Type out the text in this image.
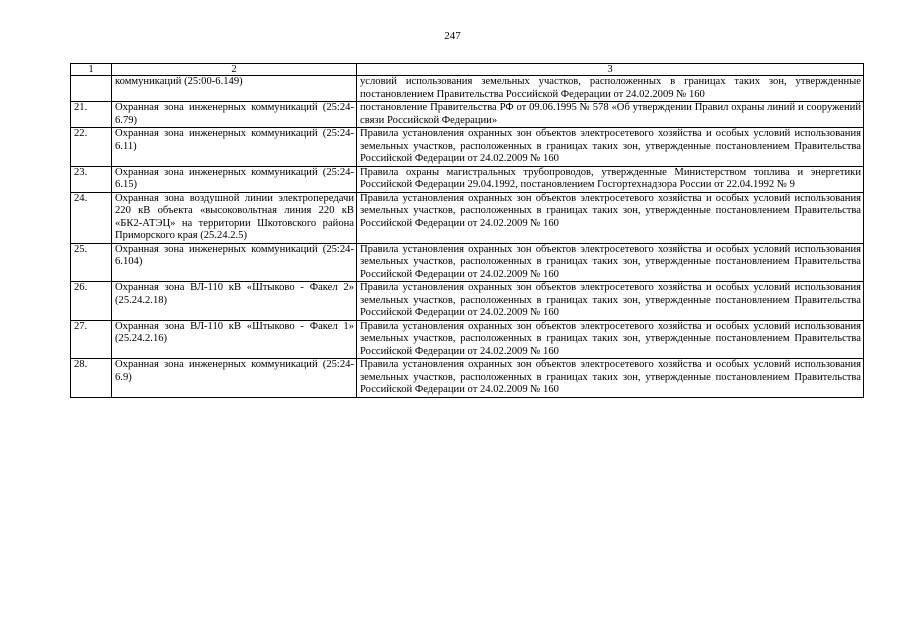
247
1	2	3
	коммуникаций (25:00-6.149)	условий использования земельных участков, расположенных в границах таких зон, утвержденные постановлением Правительства Российской Федерации от 24.02.2009 № 160
21.	Охранная зона инженерных коммуникаций (25:24-6.79)	постановление Правительства РФ от 09.06.1995 № 578 «Об утверждении Правил охраны линий и сооружений связи Российской Федерации»
22.	Охранная зона инженерных коммуникаций (25:24-6.11)	Правила установления охранных зон объектов электросетевого хозяйства и особых условий использования земельных участков, расположенных в границах таких зон, утвержденные постановлением Правительства Российской Федерации от 24.02.2009 № 160
23.	Охранная зона инженерных коммуникаций (25:24-6.15)	Правила охраны магистральных трубопроводов, утвержденные Министерством топлива и энергетики Российской Федерации 29.04.1992, постановлением Госгортехнадзора России от 22.04.1992 № 9
24.	Охранная зона воздушной линии электропередачи 220 кВ объекта «высоковольтная линия 220 кВ «БК2-АТЭЦ» на территории Шкотовского района Приморского края (25.24.2.5)	Правила установления охранных зон объектов электросетевого хозяйства и особых условий использования земельных участков, расположенных в границах таких зон, утвержденные постановлением Правительства Российской Федерации от 24.02.2009 № 160
25.	Охранная зона инженерных коммуникаций (25:24-6.104)	Правила установления охранных зон объектов электросетевого хозяйства и особых условий использования земельных участков, расположенных в границах таких зон, утвержденные постановлением Правительства Российской Федерации от 24.02.2009 № 160
26.	Охранная зона ВЛ-110 кВ «Штыково - Факел 2» (25.24.2.18)	Правила установления охранных зон объектов электросетевого хозяйства и особых условий использования земельных участков, расположенных в границах таких зон, утвержденные постановлением Правительства Российской Федерации от 24.02.2009 № 160
27.	Охранная зона ВЛ-110 кВ «Штыково - Факел 1» (25.24.2.16)	Правила установления охранных зон объектов электросетевого хозяйства и особых условий использования земельных участков, расположенных в границах таких зон, утвержденные постановлением Правительства Российской Федерации от 24.02.2009 № 160
28.	Охранная зона инженерных коммуникаций (25:24-6.9)	Правила установления охранных зон объектов электросетевого хозяйства и особых условий использования земельных участков, расположенных в границах таких зон, утвержденные постановлением Правительства Российской Федерации от 24.02.2009 № 160
